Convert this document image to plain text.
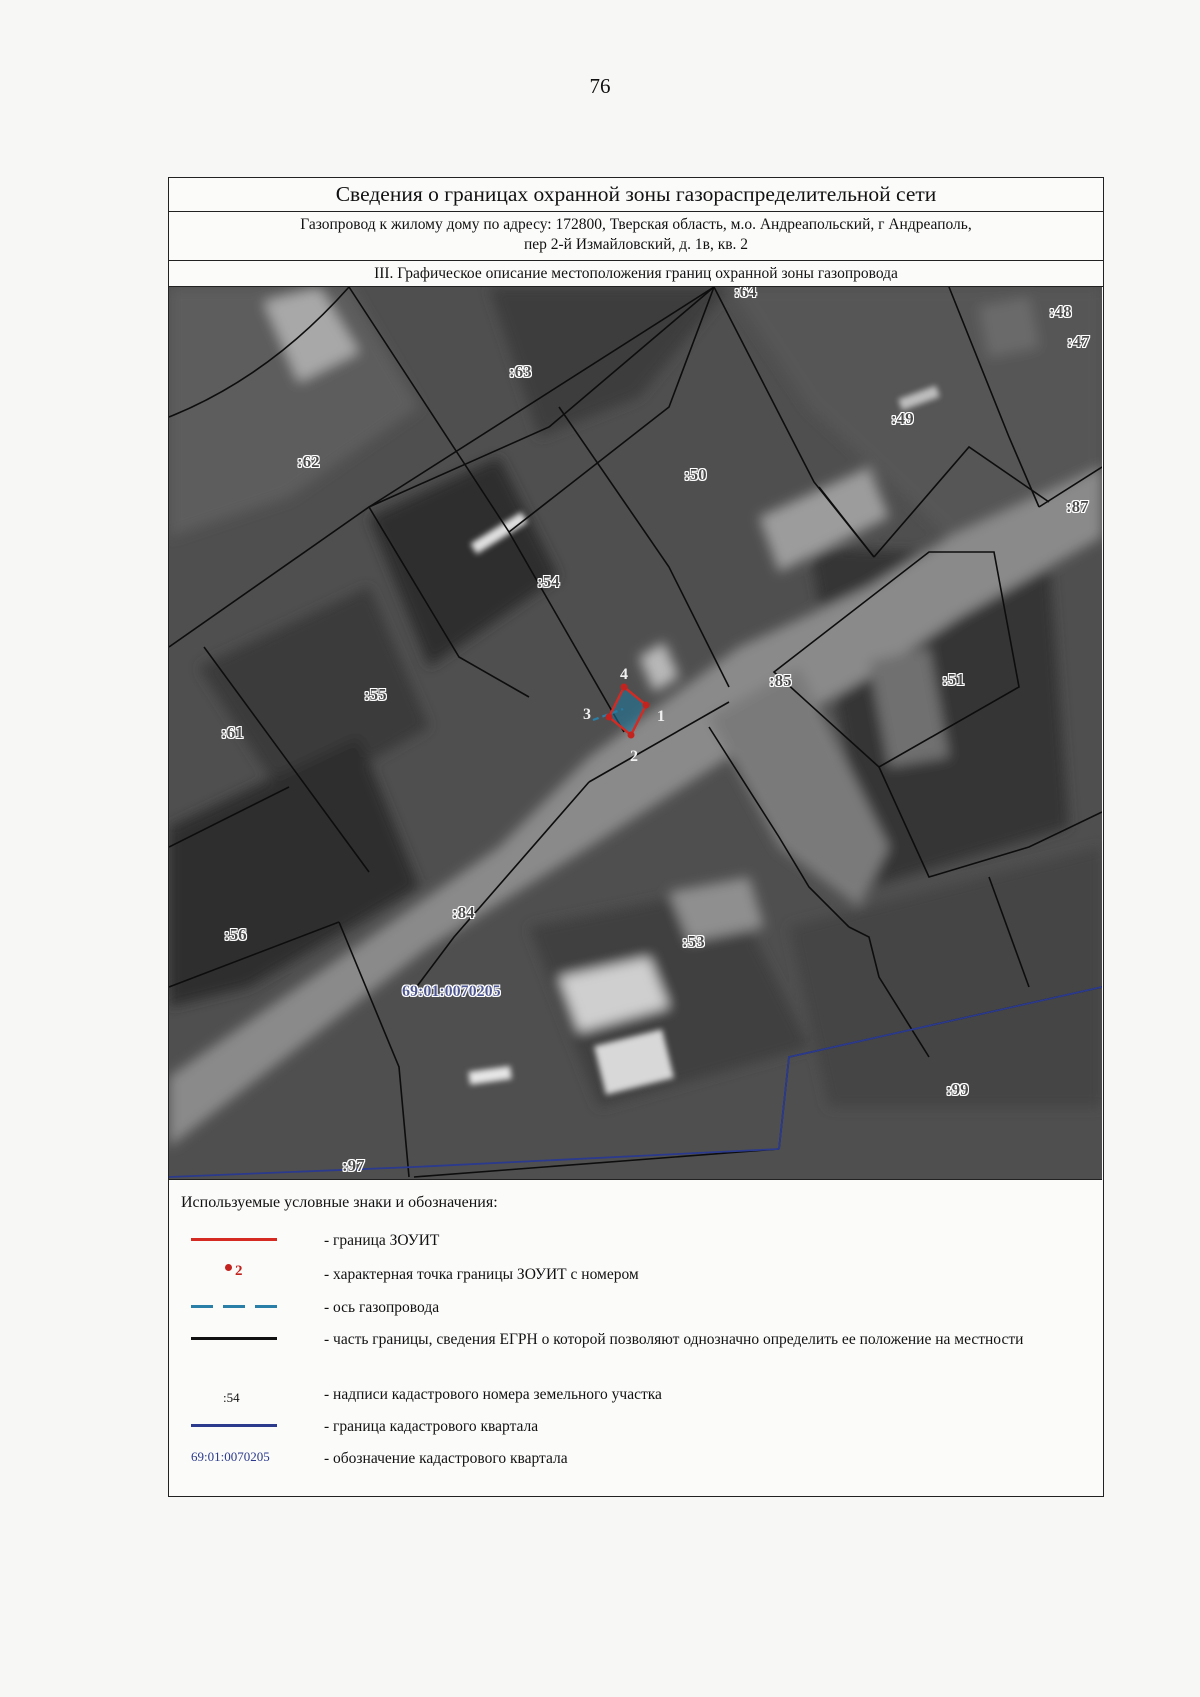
76
Сведения о границах охранной зоны газораспределительной сети
Газопровод к жилому дому по адресу: 172800, Тверская область, м.о. Андреапольский, г Андреаполь,
пер 2-й Измайловский, д. 1в, кв. 2
III. Графическое описание местоположения границ охранной зоны газопровода
:64
:48
:47
:63
:49
:62
:50
:87
:54
:85	:51
:55
:61
:84
:56	:53
:99
:97
69:01:0070205
1
2
3
4
Используемые условные знаки и обозначения:
- граница ЗОУИТ
2	- характерная точка границы ЗОУИТ с номером
- ось газопровода
- часть границы, сведения ЕГРН о которой позволяют однозначно определить ее положение на местности
:54	- надписи кадастрового номера земельного участка
- граница кадастрового квартала
69:01:0070205	- обозначение кадастрового квартала
